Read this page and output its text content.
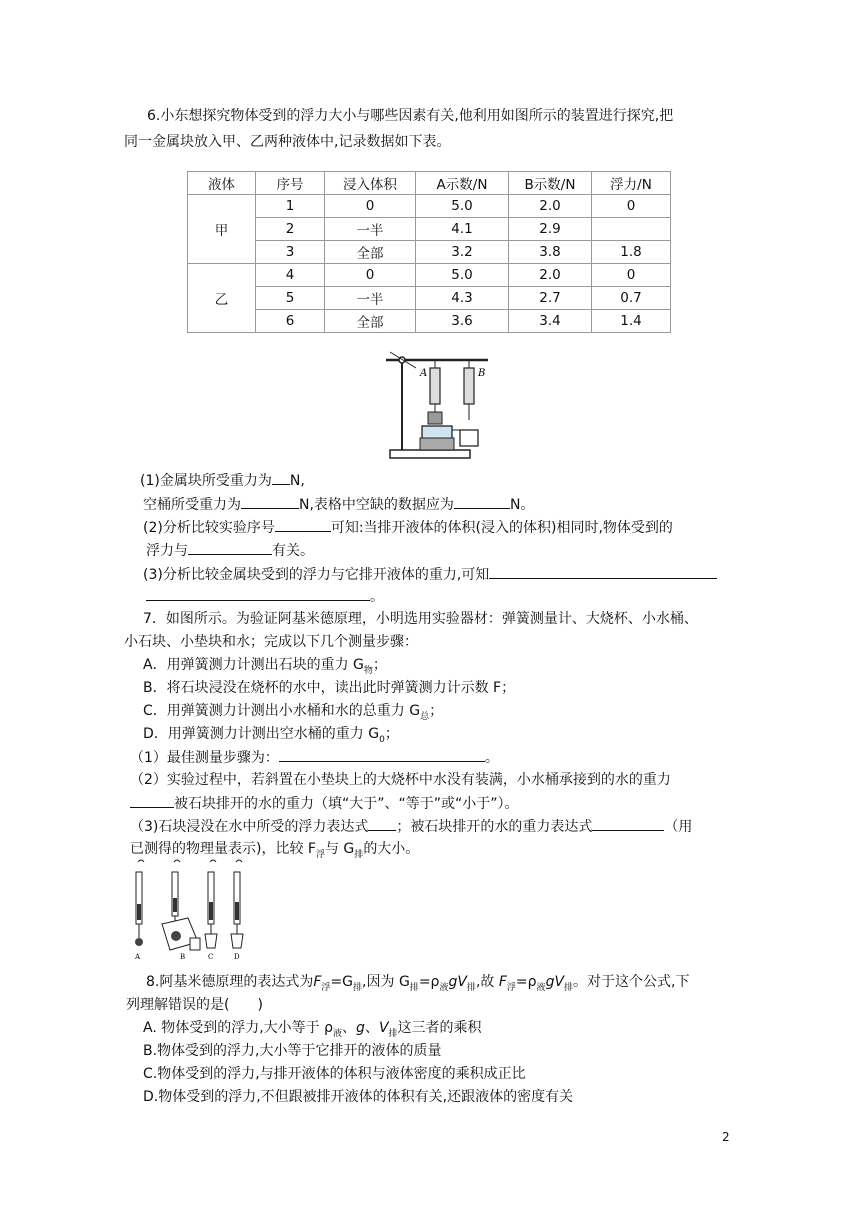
6.小东想探究物体受到的浮力大小与哪些因素有关,他利用如图所示的装置进行探究,把
同一金属块放入甲、乙两种液体中,记录数据如下表。
液体	序号	浸入体积	A示数/N	B示数/N	浮力/N
甲	1	0	5.0	2.0	0
	2	一半	4.1	2.9	
	3	全部	3.2	3.8	1.8
乙	4	0	5.0	2.0	0
	5	一半	4.3	2.7	0.7
	6	全部	3.6	3.4	1.4
A	B
(1)金属块所受重力为 N,
空桶所受重力为	N,表格中空缺的数据应为	N。
(2)分析比较实验序号	可知:当排开液体的体积(浸入的体积)相同时,物体受到的
浮力与	有关。
(3)分析比较金属块受到的浮力与它排开液体的重力,可知
。
7．如图所示。为验证阿基米德原理，小明选用实验器材：弹簧测量计、大烧杯、小水桶、
小石块、小垫块和水；完成以下几个测量步骤：
A．用弹簧测力计测出石块的重力 $G_物$；
B．将石块浸没在烧杯的水中，读出此时弹簧测力计示数 F；
C．用弹簧测力计测出小水桶和水的总重力 $G_总$；
D．用弹簧测力计测出空水桶的重力 $G_0$；
（1）最佳测量步骤为：	。
（2）实验过程中，若斜置在小垫块上的大烧杯中水没有装满，小水桶承接到的水的重力
被石块排开的水的重力（填“大于”、“等于”或“小于”）。
（3)石块浸没在水中所受的浮力表达式 ；被石块排开的水的重力表达式	（用
已测得的物理量表示)，比较 $F_浮$与 $G_排$的大小。
A	B	C	D
8.阿基米德原理的表达式为$F_浮=G_排$,因为 $G_排=\rho_液gV_排$,故 $F_浮=\rho_液gV_排$。对于这个公式,下
列理解错误的是(　　)
A. 物体受到的浮力,大小等于 $\rho_液$、g、$V_排$这三者的乘积
B.物体受到的浮力,大小等于它排开的液体的质量
C.物体受到的浮力,与排开液体的体积与液体密度的乘积成正比
D.物体受到的浮力,不但跟被排开液体的体积有关,还跟液体的密度有关
2
